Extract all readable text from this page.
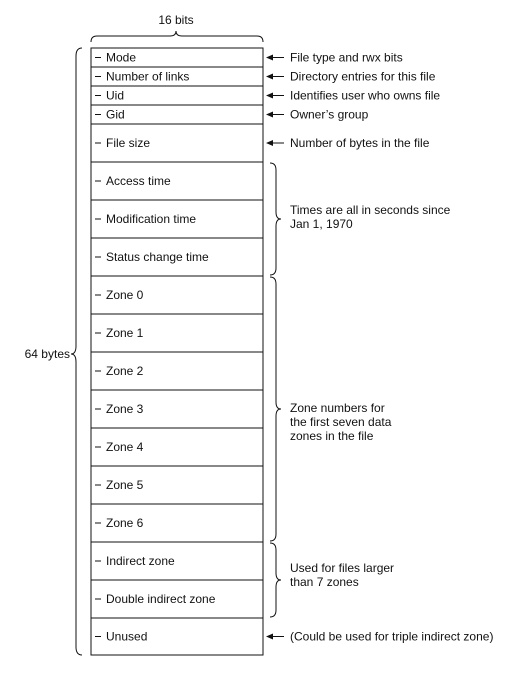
16 bits
64 bytes
Mode
Number of links
Uid
Gid
File size
Access time
Modification time
Status change time
Zone 0
Zone 1
Zone 2
Zone 3
Zone 4
Zone 5
Zone 6
Indirect zone
Double indirect zone
Unused
File type and rwx bits
Directory entries for this file
Identifies user who owns file
Owner’s group
Number of bytes in the file
(Could be used for triple indirect zone)
Times are all in seconds since
Jan 1, 1970
Zone numbers for
the first seven data
zones in the file
Used for files larger
than 7 zones
